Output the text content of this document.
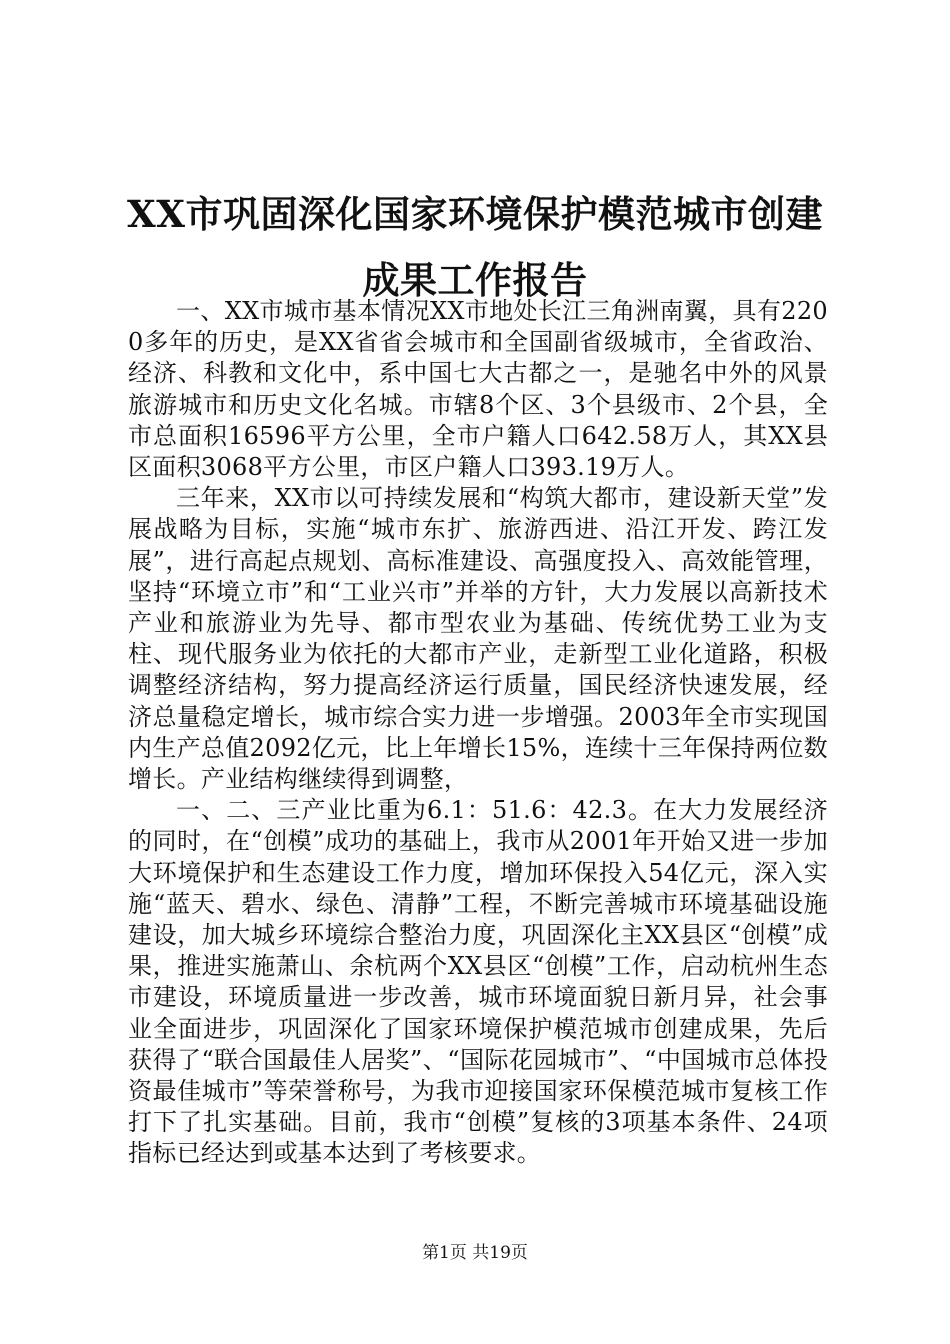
XX市巩固深化国家环境保护模范城市创建成果工作报告

一、XX市城市基本情况XX市地处长江三角洲南翼，具有2200多年的历史，是XX省省会城市和全国副省级城市，全省政治、经济、科教和文化中，系中国七大古都之一，是驰名中外的风景旅游城市和历史文化名城。市辖8个区、3个县级市、2个县，全市总面积16596平方公里，全市户籍人口642.58万人，其XX县区面积3068平方公里，市区户籍人口393.19万人。

三年来，XX市以可持续发展和“构筑大都市，建设新天堂”发展战略为目标，实施“城市东扩、旅游西进、沿江开发、跨江发展”，进行高起点规划、高标准建设、高强度投入、高效能管理，坚持“环境立市”和“工业兴市”并举的方针，大力发展以高新技术产业和旅游业为先导、都市型农业为基础、传统优势工业为支柱、现代服务业为依托的大都市产业，走新型工业化道路，积极调整经济结构，努力提高经济运行质量，国民经济快速发展，经济总量稳定增长，城市综合实力进一步增强。2003年全市实现国内生产总值2092亿元，比上年增长15%，连续十三年保持两位数增长。产业结构继续得到调整，

一、二、三产业比重为6.1：51.6：42.3。在大力发展经济的同时，在“创模”成功的基础上，我市从2001年开始又进一步加大环境保护和生态建设工作力度，增加环保投入54亿元，深入实施“蓝天、碧水、绿色、清静”工程，不断完善城市环境基础设施建设，加大城乡环境综合整治力度，巩固深化主XX县区“创模”成果，推进实施萧山、余杭两个XX县区“创模”工作，启动杭州生态市建设，环境质量进一步改善，城市环境面貌日新月异，社会事业全面进步，巩固深化了国家环境保护模范城市创建成果，先后获得了“联合国最佳人居奖”、“国际花园城市”、“中国城市总体投资最佳城市”等荣誉称号，为我市迎接国家环保模范城市复核工作打下了扎实基础。目前，我市“创模”复核的3项基本条件、24项指标已经达到或基本达到了考核要求。

第1页 共19页
